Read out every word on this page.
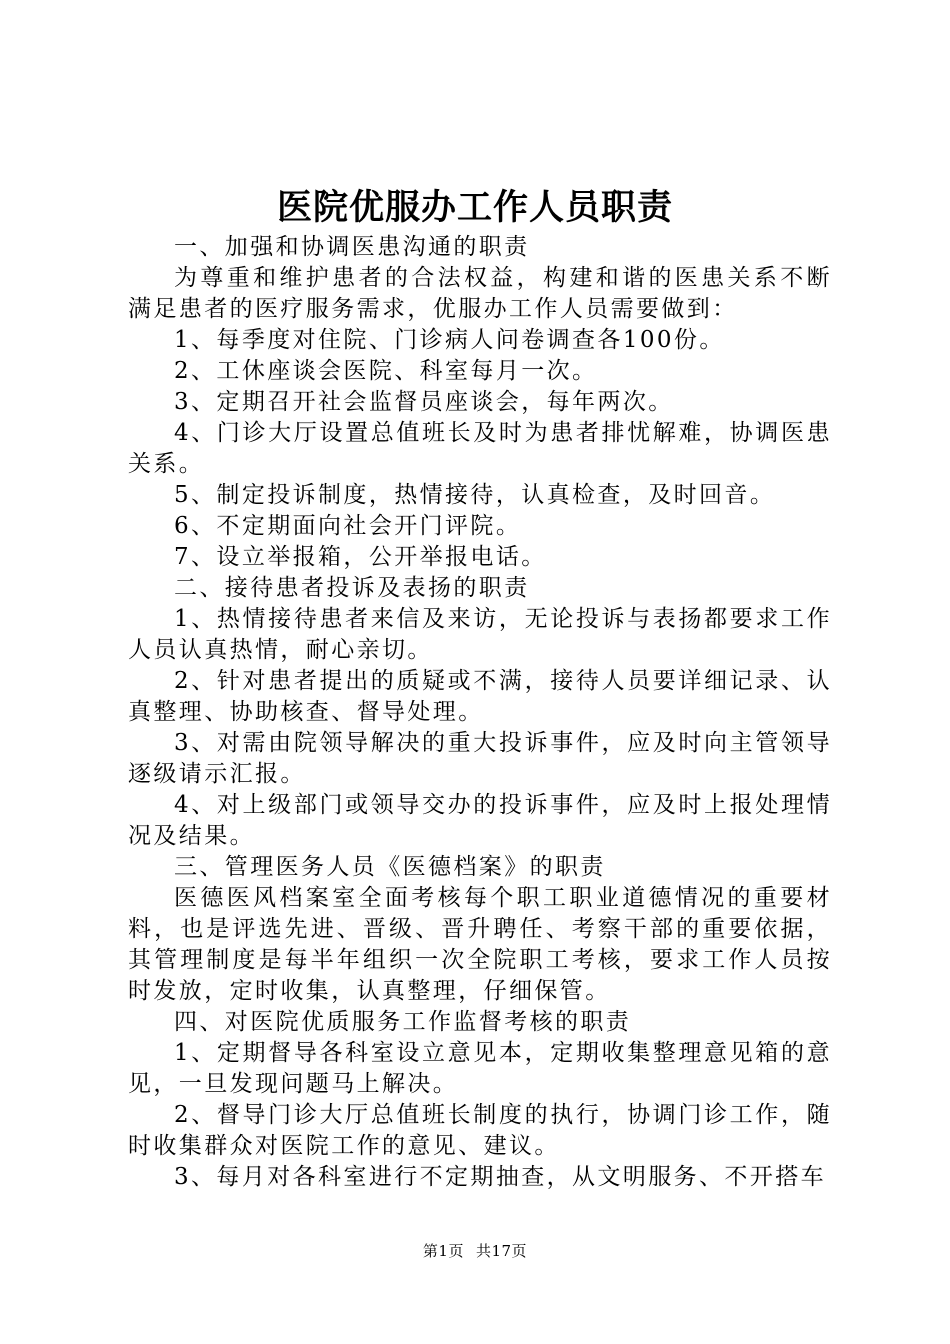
医院优服办工作人员职责

一、加强和协调医患沟通的职责

为尊重和维护患者的合法权益，构建和谐的医患关系不断满足患者的医疗服务需求，优服办工作人员需要做到：

1、每季度对住院、门诊病人问卷调查各100份。

2、工休座谈会医院、科室每月一次。

3、定期召开社会监督员座谈会，每年两次。

4、门诊大厅设置总值班长及时为患者排忧解难，协调医患关系。

5、制定投诉制度，热情接待，认真检查，及时回音。

6、不定期面向社会开门评院。

7、设立举报箱，公开举报电话。

二、接待患者投诉及表扬的职责

1、热情接待患者来信及来访，无论投诉与表扬都要求工作人员认真热情，耐心亲切。

2、针对患者提出的质疑或不满，接待人员要详细记录、认真整理、协助核查、督导处理。

3、对需由院领导解决的重大投诉事件，应及时向主管领导逐级请示汇报。

4、对上级部门或领导交办的投诉事件，应及时上报处理情况及结果。

三、管理医务人员《医德档案》的职责

医德医风档案室全面考核每个职工职业道德情况的重要材料，也是评选先进、晋级、晋升聘任、考察干部的重要依据，其管理制度是每半年组织一次全院职工考核，要求工作人员按时发放，定时收集，认真整理，仔细保管。

四、对医院优质服务工作监督考核的职责

1、定期督导各科室设立意见本，定期收集整理意见箱的意见，一旦发现问题马上解决。

2、督导门诊大厅总值班长制度的执行，协调门诊工作，随时收集群众对医院工作的意见、建议。

3、每月对各科室进行不定期抽查，从文明服务、不开搭车

第1页 共17页
